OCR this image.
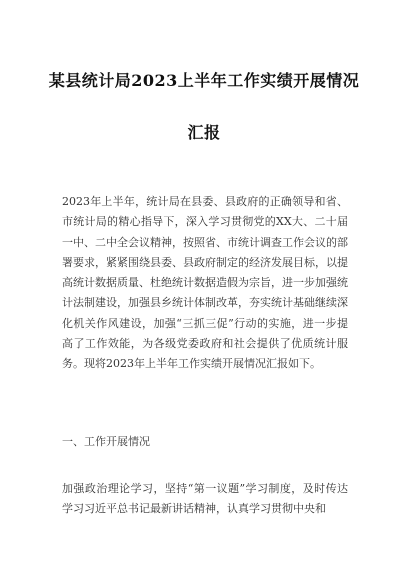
某县统计局2023上半年工作实绩开展情况
汇报

2023年上半年，统计局在县委、县政府的正确领导和省、市统计局的精心指导下，深入学习贯彻党的XX大、二十届一中、二中全会议精神，按照省、市统计调查工作会议的部署要求，紧紧围绕县委、县政府制定的经济发展目标，以提高统计数据质量、杜绝统计数据造假为宗旨，进一步加强统计法制建设，加强县乡统计体制改革，夯实统计基础继续深化机关作风建设，加强“三抓三促”行动的实施，进一步提高了工作效能，为各级党委政府和社会提供了优质统计服务。现将2023年上半年工作实绩开展情况汇报如下。

一、工作开展情况

加强政治理论学习，坚持“第一议题”学习制度，及时传达学习习近平总书记最新讲话精神，认真学习贯彻中央和
